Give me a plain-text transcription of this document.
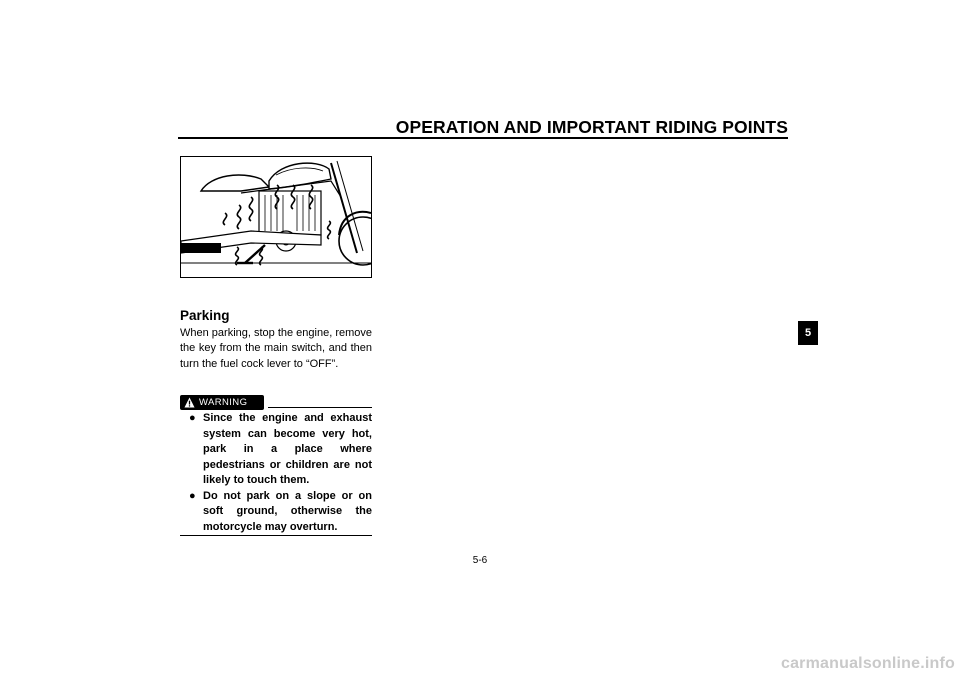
OPERATION AND IMPORTANT RIDING POINTS
Parking
When parking, stop the engine, remove the key from the main switch, and then turn the fuel cock lever to “OFF”.
WARNING
● Since the engine and exhaust system can become very hot, park in a place where pedestrians or children are not likely to touch them.
● Do not park on a slope or on soft ground, otherwise the motorcycle may overturn.
5
5-6
carmanualsonline.info
